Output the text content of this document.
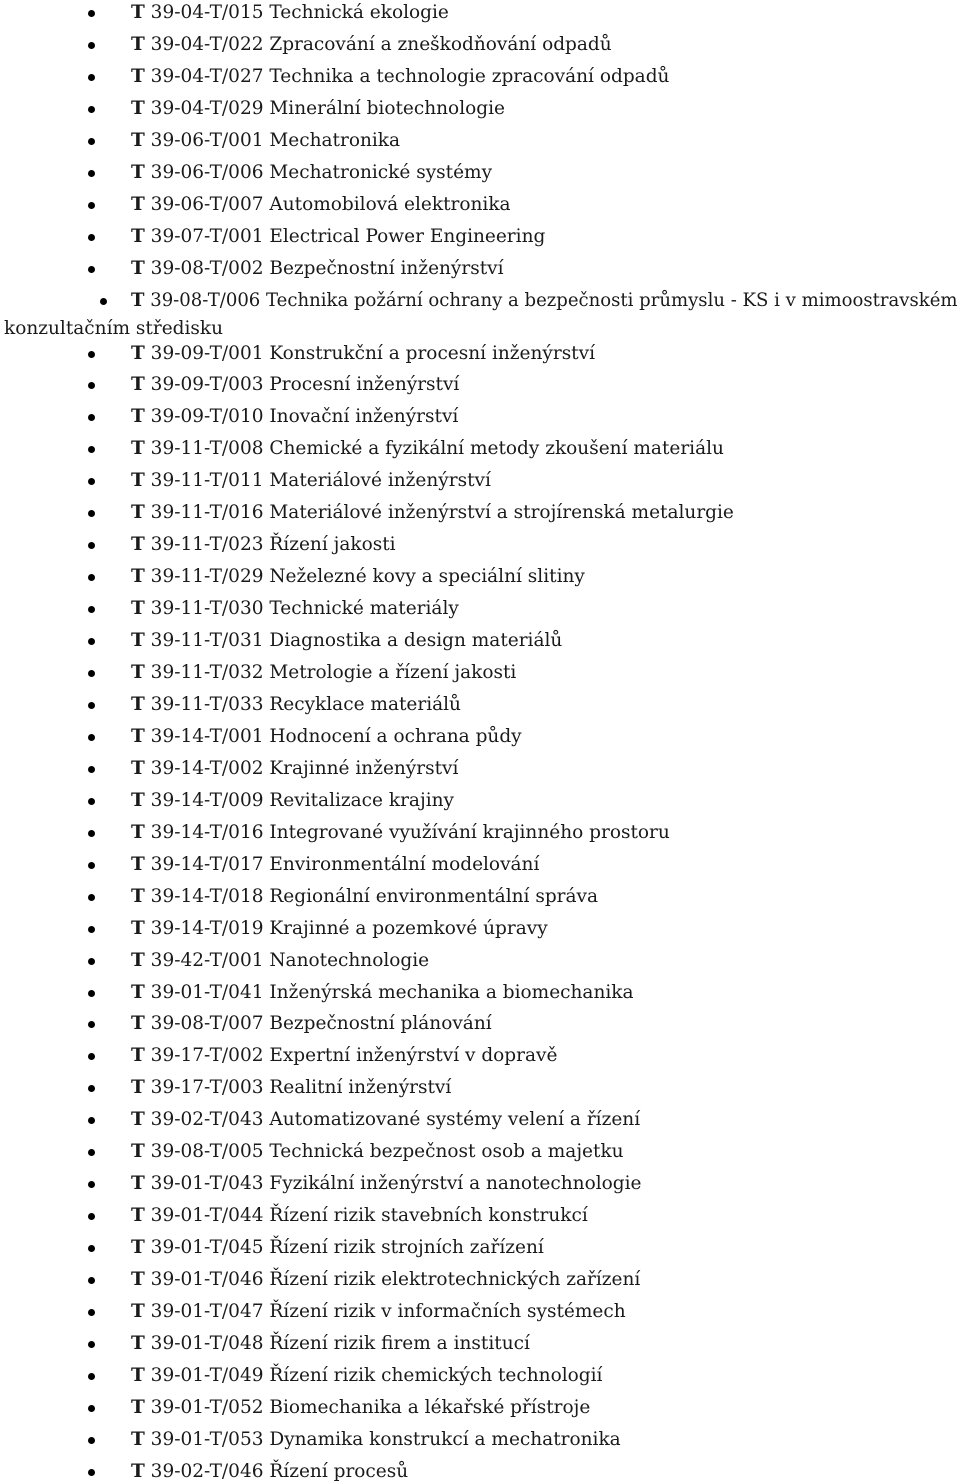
T 39-04-T/015 Technická ekologie
T 39-04-T/022 Zpracování a zneškodňování odpadů
T 39-04-T/027 Technika a technologie zpracování odpadů
T 39-04-T/029 Minerální biotechnologie
T 39-06-T/001 Mechatronika
T 39-06-T/006 Mechatronické systémy
T 39-06-T/007 Automobilová elektronika
T 39-07-T/001 Electrical Power Engineering
T 39-08-T/002 Bezpečnostní inženýrství
T 39-08-T/006 Technika požární ochrany a bezpečnosti průmyslu - KS i v mimoostravském
konzultačním středisku
T 39-09-T/001 Konstrukční a procesní inženýrství
T 39-09-T/003 Procesní inženýrství
T 39-09-T/010 Inovační inženýrství
T 39-11-T/008 Chemické a fyzikální metody zkoušení materiálu
T 39-11-T/011 Materiálové inženýrství
T 39-11-T/016 Materiálové inženýrství a strojírenská metalurgie
T 39-11-T/023 Řízení jakosti
T 39-11-T/029 Neželezné kovy a speciální slitiny
T 39-11-T/030 Technické materiály
T 39-11-T/031 Diagnostika a design materiálů
T 39-11-T/032 Metrologie a řízení jakosti
T 39-11-T/033 Recyklace materiálů
T 39-14-T/001 Hodnocení a ochrana půdy
T 39-14-T/002 Krajinné inženýrství
T 39-14-T/009 Revitalizace krajiny
T 39-14-T/016 Integrované využívání krajinného prostoru
T 39-14-T/017 Environmentální modelování
T 39-14-T/018 Regionální environmentální správa
T 39-14-T/019 Krajinné a pozemkové úpravy
T 39-42-T/001 Nanotechnologie
T 39-01-T/041 Inženýrská mechanika a biomechanika
T 39-08-T/007 Bezpečnostní plánování
T 39-17-T/002 Expertní inženýrství v dopravě
T 39-17-T/003 Realitní inženýrství
T 39-02-T/043 Automatizované systémy velení a řízení
T 39-08-T/005 Technická bezpečnost osob a majetku
T 39-01-T/043 Fyzikální inženýrství a nanotechnologie
T 39-01-T/044 Řízení rizik stavebních konstrukcí
T 39-01-T/045 Řízení rizik strojních zařízení
T 39-01-T/046 Řízení rizik elektrotechnických zařízení
T 39-01-T/047 Řízení rizik v informačních systémech
T 39-01-T/048 Řízení rizik firem a institucí
T 39-01-T/049 Řízení rizik chemických technologií
T 39-01-T/052 Biomechanika a lékařské přístroje
T 39-01-T/053 Dynamika konstrukcí a mechatronika
T 39-02-T/046 Řízení procesů
